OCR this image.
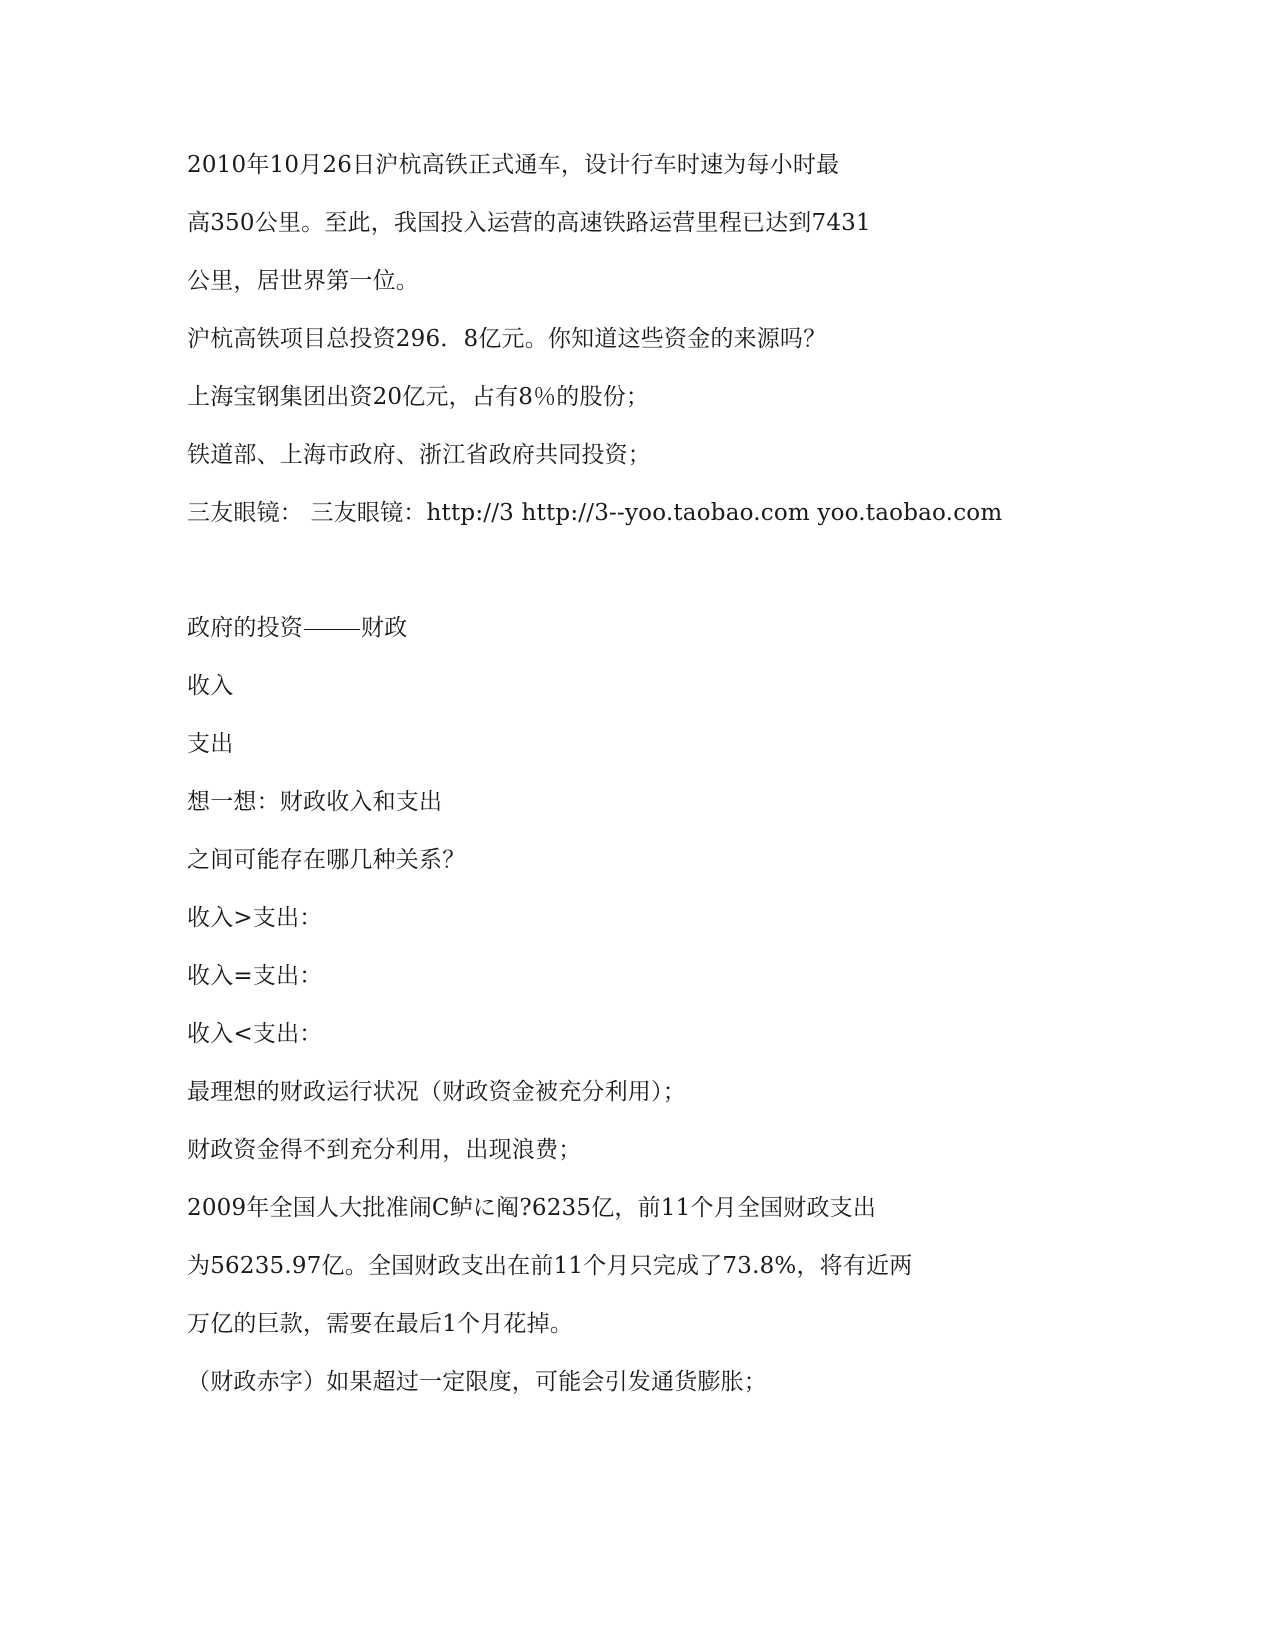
2010年10月26日沪杭高铁正式通车，设计行车时速为每小时最
高350公里。至此，我国投入运营的高速铁路运营里程已达到7431
公里，居世界第一位。
沪杭高铁项目总投资296．8亿元。你知道这些资金的来源吗？
上海宝钢集团出资20亿元，占有8％的股份；
铁道部、上海市政府、浙江省政府共同投资；
三友眼镜： 三友眼镜：http://3 http://3--yoo.taobao.com yoo.taobao.com
政府的投资	财政
收入
支出
想一想：财政收入和支出
之间可能存在哪几种关系？
收入>支出：
收入=支出：
收入<支出：
最理想的财政运行状况（财政资金被充分利用）；
财政资金得不到充分利用，出现浪费；
2009年全国人大批准闹C鲈に阄?6235亿，前11个月全国财政支出
为56235.97亿。全国财政支出在前11个月只完成了73.8%，将有近两
万亿的巨款，需要在最后1个月花掉。
（财政赤字）如果超过一定限度，可能会引发通货膨胀；
